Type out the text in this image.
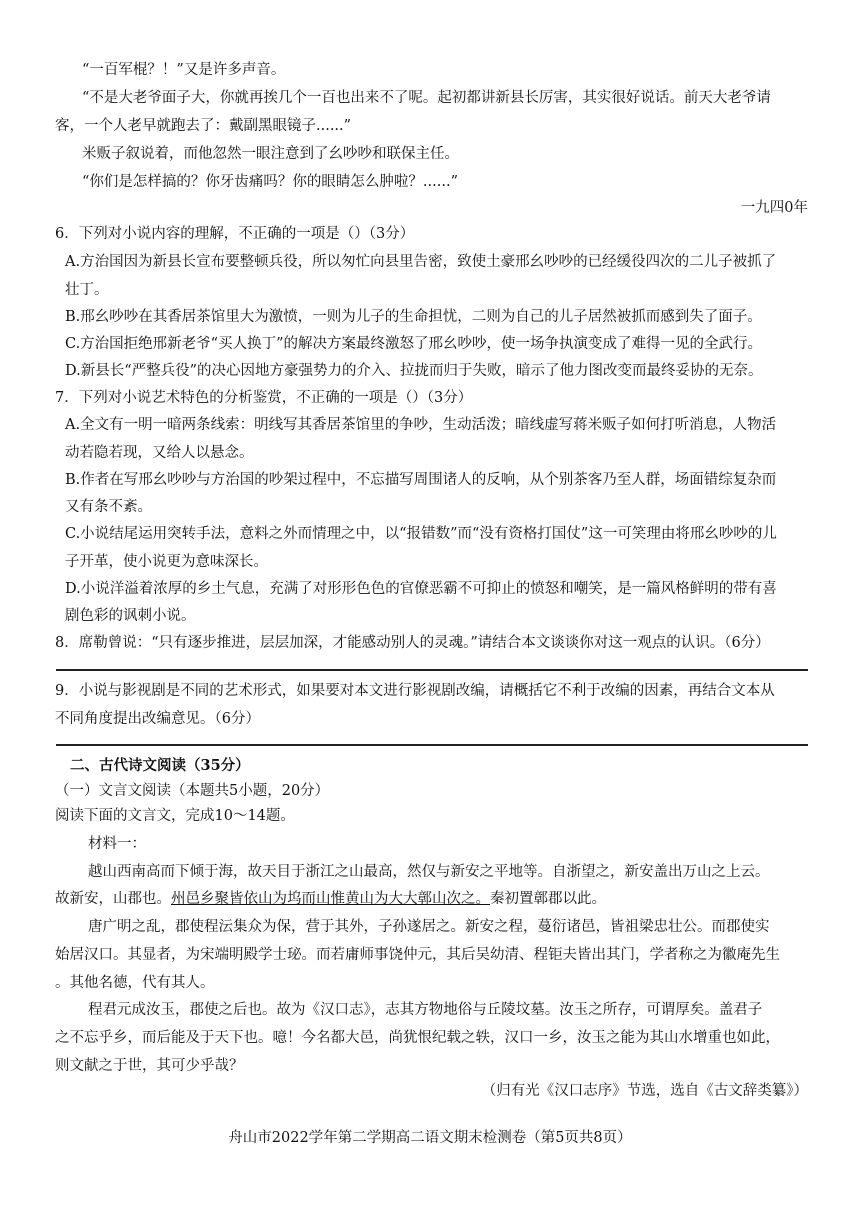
“一百军棍？！”又是许多声音。
“不是大老爷面子大，你就再挨几个一百也出来不了呢。起初都讲新县长厉害，其实很好说话。前天大老爷请
客，一个人老早就跑去了：戴副黑眼镜子......”
米贩子叙说着，而他忽然一眼注意到了幺吵吵和联保主任。
“你们是怎样搞的？你牙齿痛吗？你的眼睛怎么肿啦？......”
一九四0年
6．下列对小说内容的理解，不正确的一项是（）（3分）
A.方治国因为新县长宣布要整顿兵役，所以匆忙向县里告密，致使土豪邢幺吵吵的已经缓役四次的二儿子被抓了
壮丁。
B.邢幺吵吵在其香居茶馆里大为激愤，一则为儿子的生命担忧，二则为自己的儿子居然被抓而感到失了面子。
C.方治国拒绝邢新老爷“买人换丁”的解决方案最终激怒了邢幺吵吵，使一场争执演变成了难得一见的全武行。
D.新县长“严整兵役”的决心因地方豪强势力的介入、拉拢而归于失败，暗示了他力图改变而最终妥协的无奈。
7．下列对小说艺术特色的分析鉴赏，不正确的一项是（）（3分）
A.全文有一明一暗两条线索：明线写其香居茶馆里的争吵，生动活泼；暗线虚写蒋米贩子如何打听消息，人物活
动若隐若现，又给人以悬念。
B.作者在写邢幺吵吵与方治国的吵架过程中，不忘描写周围诸人的反响，从个别茶客乃至人群，场面错综复杂而
又有条不紊。
C.小说结尾运用突转手法，意料之外而情理之中，以“报错数”而“没有资格打国仗”这一可笑理由将邢幺吵吵的儿
子开革，使小说更为意味深长。
D.小说洋溢着浓厚的乡土气息，充满了对形形色色的官僚恶霸不可抑止的愤怒和嘲笑，是一篇风格鲜明的带有喜
剧色彩的讽刺小说。
8．席勒曾说：“只有逐步推进，层层加深，才能感动别人的灵魂。”请结合本文谈谈你对这一观点的认识。（6分）
9．小说与影视剧是不同的艺术形式，如果要对本文进行影视剧改编，请概括它不利于改编的因素，再结合文本从
不同角度提出改编意见。（6分）
二、古代诗文阅读（35分）
（一）文言文阅读（本题共5小题，20分）
阅读下面的文言文，完成10～14题。
材料一：
越山西南高而下倾于海，故天目于浙江之山最高，然仅与新安之平地等。自浙望之，新安盖出万山之上云。
故新安，山郡也。州邑乡聚皆依山为坞而山惟黄山为大大鄣山次之。秦初置鄣郡以此。
唐广明之乱，郡使程沄集众为保，营于其外，子孙遂居之。新安之程，蔓衍诸邑，皆祖梁忠壮公。而郡使实
始居汉口。其显者，为宋端明殿学士珌。而若庸师事饶仲元，其后吴幼清、程钜夫皆出其门，学者称之为徽庵先生
。其他名德，代有其人。
程君元成汝玉，郡使之后也。故为《汉口志》，志其方物地俗与丘陵坟墓。汝玉之所存，可谓厚矣。盖君子
之不忘乎乡，而后能及于天下也。噫！今名都大邑，尚犹恨纪载之轶，汉口一乡，汝玉之能为其山水增重也如此，
则文献之于世，其可少乎哉？
（归有光《汉口志序》节选，选自《古文辞类纂》）
舟山市2022学年第二学期高二语文期末检测卷（第5页共8页）
